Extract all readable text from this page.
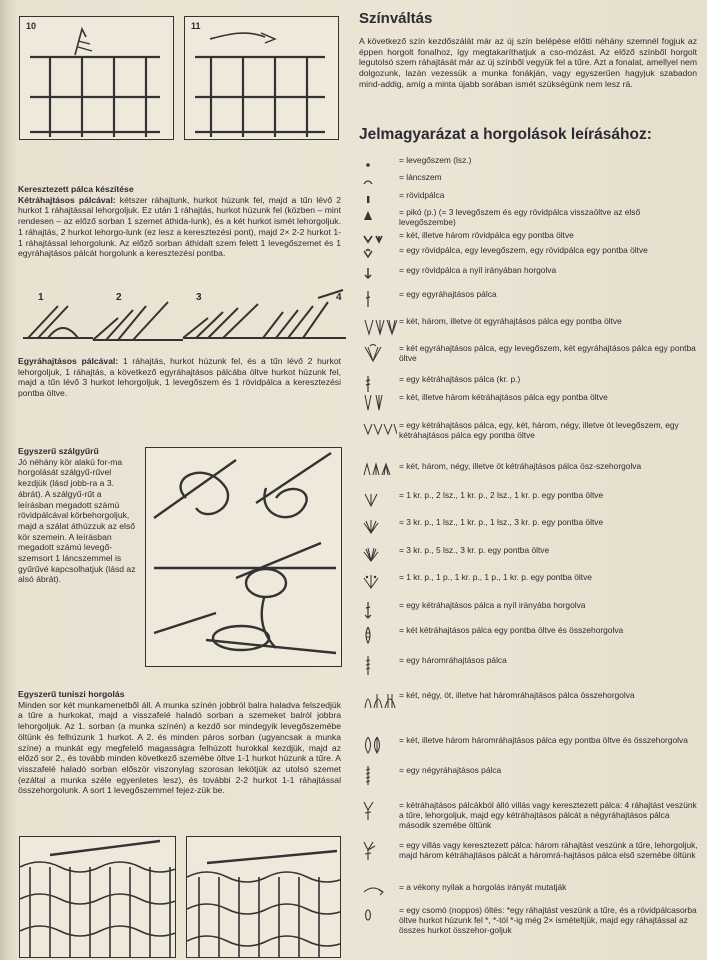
10	11
Keresztezett pálca készítése
Kétráhajtásos pálcával: kétszer ráhajtunk, hurkot húzunk fel, majd a tűn lévő 2 hurkot 1 ráhajtással lehorgoljuk. Ez után 1 ráhajtás, hurkot húzunk fel (közben – mint rendesen – az előző sorban 1 szemet áthida-lunk), és a két hurkot ismét lehorgoljuk. 1 ráhajtás, 2 hurkot lehorgo-lunk (ez lesz a keresztezési pont), majd 2× 2-2 hurkot 1-1 ráhajtással lehorgolunk. Az előző sorban áthidalt szem felett 1 levegőszemet és 1 egyráhajtásos pálcát horgolunk a keresztezési pontba.
1	2	3	4
Egyráhajtásos pálcával: 1 ráhajtás, hurkot húzunk fel, és a tűn lévő 2 hurkot lehorgoljuk, 1 ráhajtás, a következő egyráhajtásos pálcába öltve hurkot húzunk fel, majd a tűn lévő 3 hurkot lehorgoljuk, 1 levegőszem és 1 rövidpálca a keresztezési pontba öltve.
Egyszerű szálgyűrű
Jó néhány kör alakú for-ma horgolását szálgyű-rűvel kezdjük (lásd jobb-ra a 3. ábrát). A szálgyű-rűt a leírásban megadott számú rövidpálcával körbehorgoljuk, majd a szálat áthúzzuk az első kör szemein. A leírásban megadott számú levegő-szemsort 1 láncszemmel is gyűrűvé kapcsolhatjuk (lásd az alsó ábrát).
Egyszerű tuniszi horgolás
Minden sor két munkamenetből áll. A munka színén jobbról balra haladva felszedjük a tűre a hurkokat, majd a visszafelé haladó sorban a szemeket balról jobbra lehorgoljuk. Az 1. sorban (a munka színén) a kezdő sor mindegyik levegőszemébe öltünk és felhúzunk 1 hurkot. A 2. és minden páros sorban (ugyancsak a munka színe) a munkát egy megfelelő magasságra felhúzott hurokkal kezdjük, majd az előző sor 2., és tovább minden következő szemébe öltve 1-1 hurkot húzunk a tűre. A visszafelé haladó sorban először viszonylag szorosan lekötjük az utolsó szemet (ezáltal a munka széle egyenletes lesz), és további 2-2 hurkot 1-1 ráhajtással összehorgolunk. A sort 1 levegőszemmel fejez-zük be.
Színváltás
A következő szín kezdőszálát már az új szín belépése előtti néhány szemnél fogjuk az éppen horgolt fonalhoz, így megtakaríthatjuk a cso-mózást. Az előző színből horgolt legutolsó szem ráhajtását már az új színből vegyük fel a tűre. Azt a fonalat, amellyel nem dolgozunk, lazán vezessük a munka fonákján, vagy egyszerűen hagyjuk szabadon mind-addig, amíg a minta újabb sorában ismét szükségünk nem lesz rá.
Jelmagyarázat a horgolások leírásához:
= levegőszem (lsz.)
= láncszem
= rövidpálca
= pikó (p.) (= 3 levegőszem és egy rövidpálca visszaöltve az első levegőszembe)
= két, illetve három rövidpálca egy pontba öltve
= egy rövidpálca, egy levegőszem, egy rövidpálca egy pontba öltve
= egy rövidpálca a nyíl irányában horgolva
= egy egyráhajtásos pálca
= két, három, illetve öt egyráhajtásos pálca egy pontba öltve
= két egyráhajtásos pálca, egy levegőszem, két egyráhajtásos pálca egy pontba öltve
= egy kétráhajtásos pálca (kr. p.)
= két, illetve három kétráhajtásos pálca egy pontba öltve
= egy kétráhajtásos pálca, egy, két, három, négy, illetve öt levegőszem, egy kétráhajtásos pálca egy pontba öltve
= két, három, négy, illetve öt kétráhajtásos pálca ösz-szehorgolva
= 1 kr. p., 2 lsz., 1 kr. p., 2 lsz., 1 kr. p. egy pontba öltve
= 3 kr. p., 1 lsz., 1 kr. p., 1 lsz., 3 kr. p. egy pontba öltve
= 3 kr. p., 5 lsz., 3 kr. p. egy pontba öltve
= 1 kr. p., 1 p., 1 kr. p., 1 p., 1 kr. p. egy pontba öltve
= egy kétráhajtásos pálca a nyíl irányába horgolva
= két kétráhajtásos pálca egy pontba öltve és összehorgolva
= egy háromráhajtásos pálca
= két, négy, öt, illetve hat háromráhajtásos pálca összehorgolva
= két, illetve három háromráhajtásos pálca egy pontba öltve és összehorgolva
= egy négyráhajtásos pálca
= kétráhajtásos pálcákból álló villás vagy keresztezett pálca: 4 ráhajtást veszünk a tűre, lehorgoljuk, majd egy kétráhajtásos pálcát a négyráhajtásos pálca második szemébe öltünk
= egy villás vagy keresztezett pálca: három ráhajtást veszünk a tűre, lehorgoljuk, majd három kétráhajtásos pálcát a háromrá-hajtásos pálca első szemébe öltünk
= a vékony nyilak a horgolás irányát mutatják
= egy csomó (noppos) öltés: *egy ráhajtást veszünk a tűre, és a rövidpálcasorba öltve hurkot húzunk fel *, *-tól *-ig még 2× ismételtjük, majd egy ráhajtással az összes hurkot összehor-goljuk
